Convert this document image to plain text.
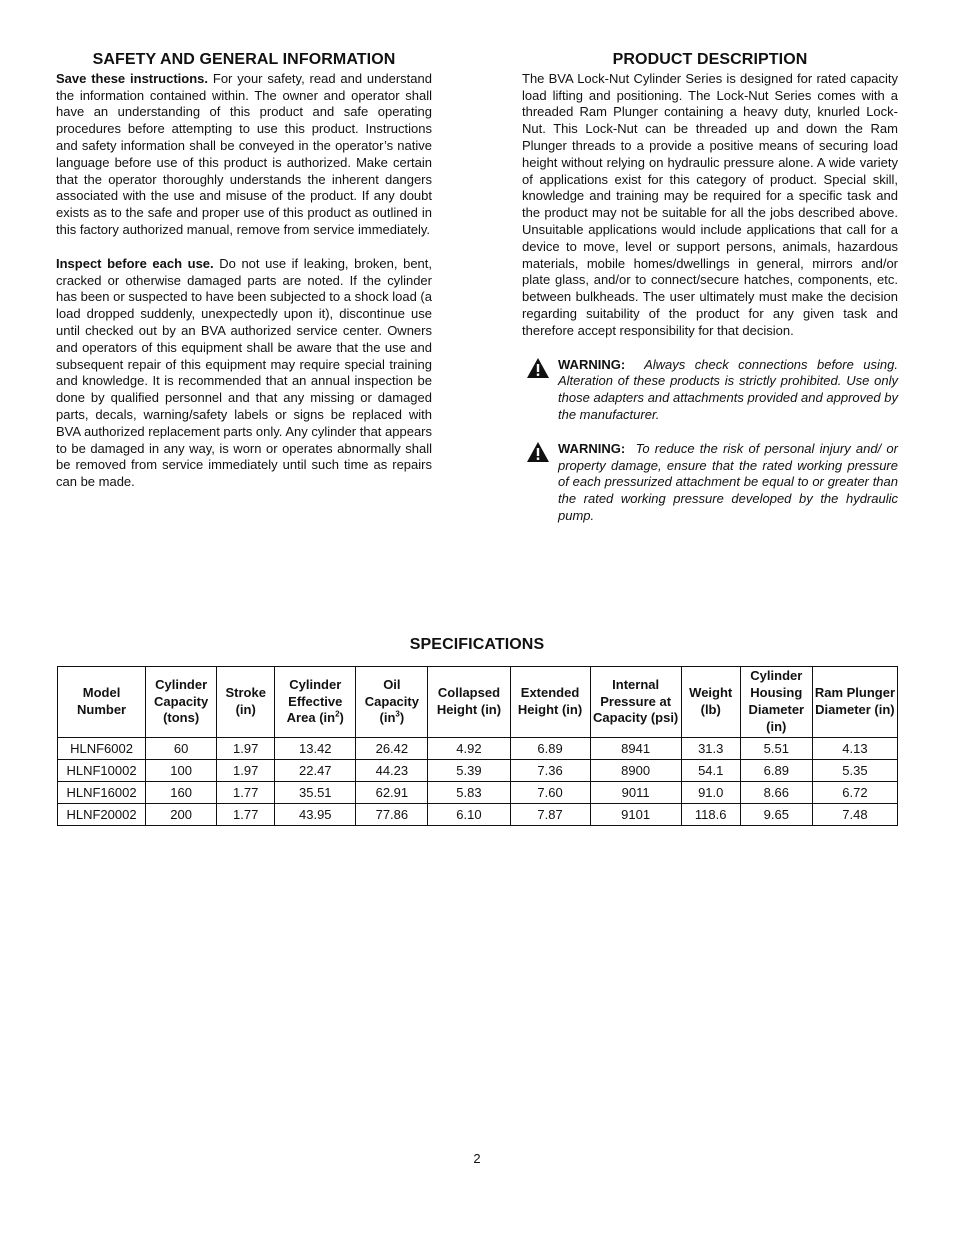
SAFETY AND GENERAL INFORMATION

Save these instructions. For your safety, read and understand the information contained within. The owner and operator shall have an understanding of this product and safe operating procedures before attempting to use this product. Instructions and safety information shall be conveyed in the operator’s native language before use of this product is authorized. Make certain that the operator thoroughly understands the inherent dangers associated with the use and misuse of the product. If any doubt exists as to the safe and proper use of this product as outlined in this factory authorized manual, remove from service immediately.

Inspect before each use. Do not use if leaking, broken, bent, cracked or otherwise damaged parts are noted. If the cylinder has been or suspected to have been subjected to a shock load (a load dropped suddenly, unexpectedly upon it), discontinue use until checked out by an BVA authorized service center. Owners and operators of this equipment shall be aware that the use and subsequent repair of this equipment may require special training and knowledge. It is recommended that an annual inspection be done by qualified personnel and that any missing or damaged parts, decals, warning/safety labels or signs be replaced with BVA authorized replacement parts only. Any cylinder that appears to be damaged in any way, is worn or operates abnormally shall be removed from service immediately until such time as repairs can be made.

PRODUCT DESCRIPTION

The BVA Lock-Nut Cylinder Series is designed for rated capacity load lifting and positioning. The Lock-Nut Series comes with a threaded Ram Plunger containing a heavy duty, knurled Lock-Nut. This Lock-Nut can be threaded up and down the Ram Plunger threads to a provide a positive means of securing load height without relying on hydraulic pressure alone. A wide variety of applications exist for this category of product. Special skill, knowledge and training may be required for a specific task and the product may not be suitable for all the jobs described above. Unsuitable applications would include applications that call for a device to move, level or support persons, animals, hazardous materials, mobile homes/dwellings in general, mirrors and/or plate glass, and/or to connect/secure hatches, components, etc. between bulkheads. The user ultimately must make the decision regarding suitability of the product for any given task and therefore accept responsibility for that decision.

WARNING: Always check connections before using. Alteration of these products is strictly prohibited. Use only those adapters and attachments provided and approved by the manufacturer.

WARNING: To reduce the risk of personal injury and/ or property damage, ensure that the rated working pressure of each pressurized attachment be equal to or greater than the rated working pressure developed by the hydraulic pump.

SPECIFICATIONS
Model Number	Cylinder Capacity (tons)	Stroke (in)	Cylinder Effective Area $(in^2)$	Oil Capacity $(in^3)$	Collapsed Height (in)	Extended Height (in)	Internal Pressure at Capacity (psi)	Weight (lb)	Cylinder Housing Diameter (in)	Ram Plunger Diameter (in)
HLNF6002	60	1.97	13.42	26.42	4.92	6.89	8941	31.3	5.51	4.13
HLNF10002	100	1.97	22.47	44.23	5.39	7.36	8900	54.1	6.89	5.35
HLNF16002	160	1.77	35.51	62.91	5.83	7.60	9011	91.0	8.66	6.72
HLNF20002	200	1.77	43.95	77.86	6.10	7.87	9101	118.6	9.65	7.48
2
